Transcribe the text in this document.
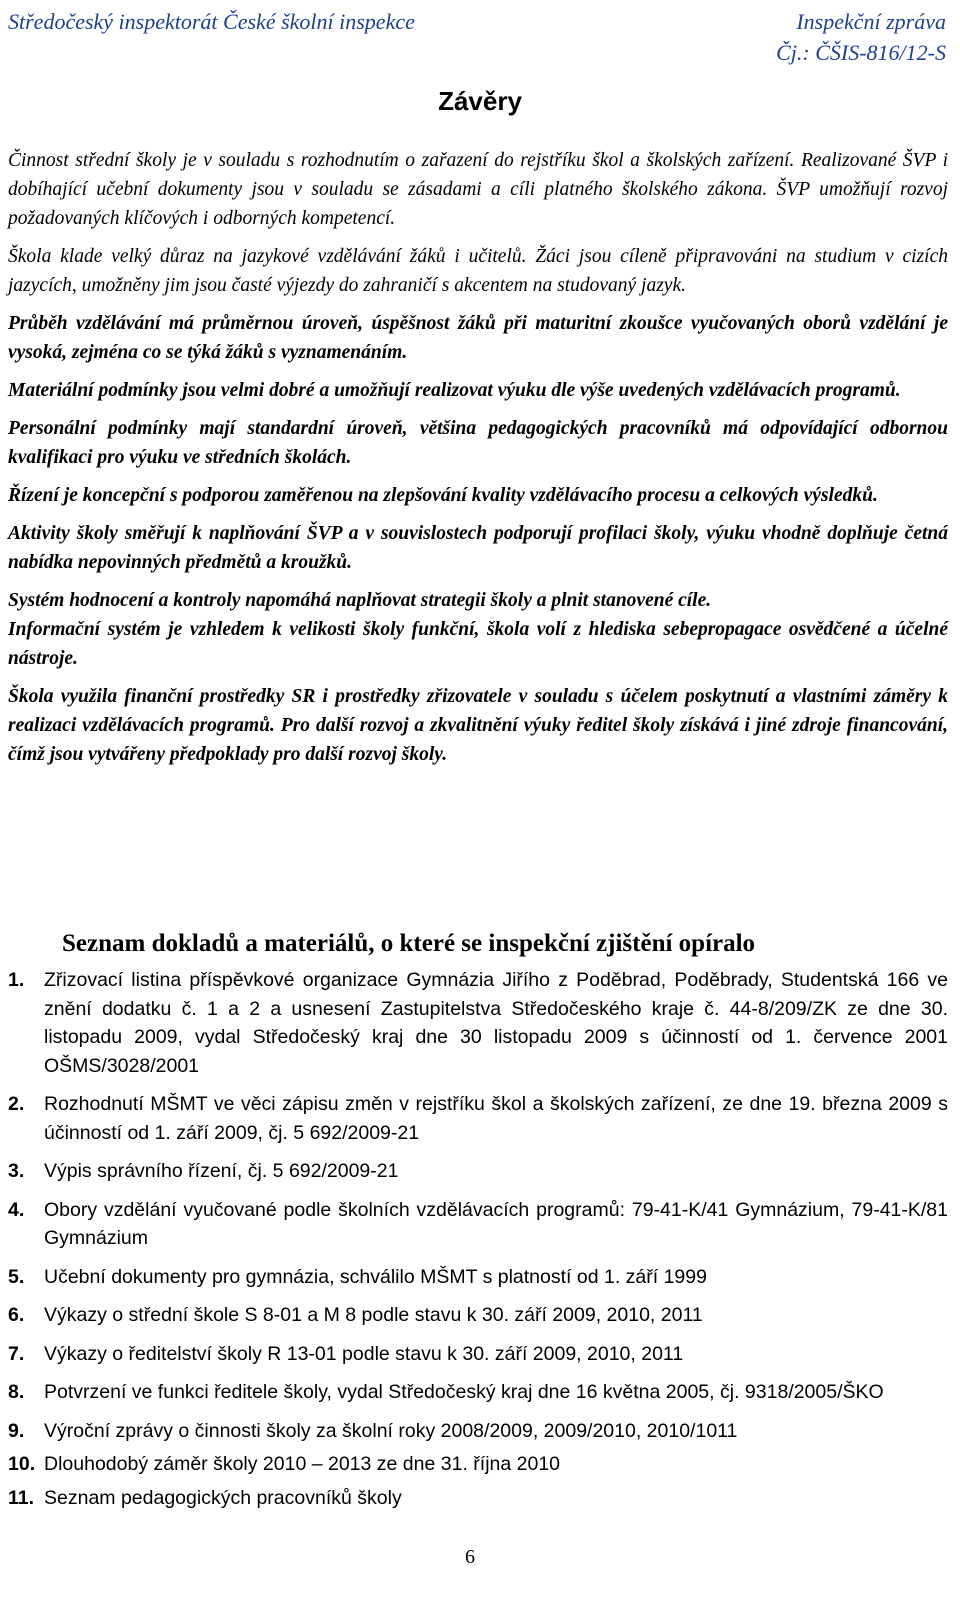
Středočeský inspektorát České školní inspekce	Inspekční zpráva
Čj.: ČŠIS-816/12-S
Závěry

Činnost střední školy je v souladu s rozhodnutím o zařazení do rejstříku škol a školských zařízení. Realizované ŠVP i dobíhající učební dokumenty jsou v souladu se zásadami a cíli platného školského zákona. ŠVP umožňují rozvoj požadovaných klíčových i odborných kompetencí.

Škola klade velký důraz na jazykové vzdělávání žáků i učitelů. Žáci jsou cíleně připravováni na studium v cizích jazycích, umožněny jim jsou časté výjezdy do zahraničí s akcentem na studovaný jazyk.

Průběh vzdělávání má průměrnou úroveň, úspěšnost žáků při maturitní zkoušce vyučovaných oborů vzdělání je vysoká, zejména co se týká žáků s vyznamenáním.

Materiální podmínky jsou velmi dobré a umožňují realizovat výuku dle výše uvedených vzdělávacích programů.

Personální podmínky mají standardní úroveň, většina pedagogických pracovníků má odpovídající odbornou kvalifikaci pro výuku ve středních školách.

Řízení je koncepční s podporou zaměřenou na zlepšování kvality vzdělávacího procesu a celkových výsledků.

Aktivity školy směřují k naplňování ŠVP a v souvislostech podporují profilaci školy, výuku vhodně doplňuje četná nabídka nepovinných předmětů a kroužků.

Systém hodnocení a kontroly napomáhá naplňovat strategii školy a plnit stanovené cíle.

Informační systém je vzhledem k velikosti školy funkční, škola volí z hlediska sebepropagace osvědčené a účelné nástroje.

Škola využila finanční prostředky SR i prostředky zřizovatele v souladu s účelem poskytnutí a vlastními záměry k realizaci vzdělávacích programů. Pro další rozvoj a zkvalitnění výuky ředitel školy získává i jiné zdroje financování, čímž jsou vytvářeny předpoklady pro další rozvoj školy.

Seznam dokladů a materiálů, o které se inspekční zjištění opíralo
1.	Zřizovací listina příspěvkové organizace Gymnázia Jiřího z Poděbrad, Poděbrady, Studentská 166 ve znění dodatku č. 1 a 2 a usnesení Zastupitelstva Středočeského kraje č. 44-8/209/ZK ze dne 30. listopadu 2009, vydal Středočeský kraj dne 30 listopadu 2009 s účinností od 1. července 2001 OŠMS/3028/2001
2.	Rozhodnutí MŠMT ve věci zápisu změn v rejstříku škol a školských zařízení, ze dne 19. března 2009 s účinností od 1. září 2009, čj. 5 692/2009-21
3.	Výpis správního řízení, čj. 5 692/2009-21
4.	Obory vzdělání vyučované podle školních vzdělávacích programů: 79-41-K/41 Gymnázium, 79-41-K/81 Gymnázium
5.	Učební dokumenty pro gymnázia, schválilo MŠMT s platností od 1. září 1999
6.	Výkazy o střední škole S 8-01 a M 8 podle stavu k 30. září 2009, 2010, 2011
7.	Výkazy o ředitelství školy R 13-01 podle stavu k 30. září 2009, 2010, 2011
8.	Potvrzení ve funkci ředitele školy, vydal Středočeský kraj dne 16 května 2005, čj. 9318/2005/ŠKO
9.	Výroční zprávy o činnosti školy za školní roky 2008/2009, 2009/2010, 2010/1011
10. Dlouhodobý záměr školy 2010 – 2013 ze dne 31. října 2010
11. Seznam pedagogických pracovníků školy
6
